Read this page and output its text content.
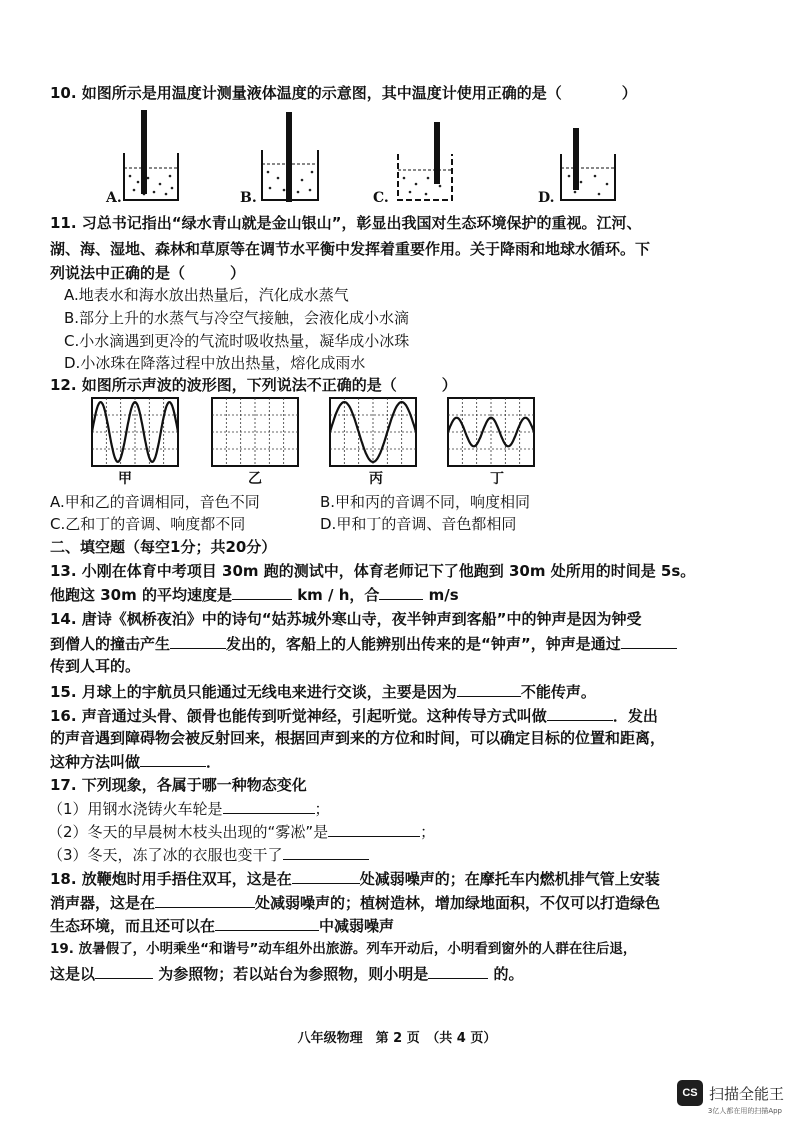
10. 如图所示是用温度计测量液体温度的示意图，其中温度计使用正确的是（　　　　）
A.	B.	C.	D.
11. 习总书记指出“绿水青山就是金山银山”，彰显出我国对生态环境保护的重视。江河、
湖、海、湿地、森林和草原等在调节水平衡中发挥着重要作用。关于降雨和地球水循环。下
列说法中正确的是（　　　）
A.地表水和海水放出热量后，汽化成水蒸气
B.部分上升的水蒸气与冷空气接触，会液化成小水滴
C.小水滴遇到更冷的气流时吸收热量，凝华成小冰珠
D.小冰珠在降落过程中放出热量，熔化成雨水
12. 如图所示声波的波形图，下列说法不正确的是（　　　）
甲	乙	丙	丁
A.甲和乙的音调相同，音色不同	B.甲和丙的音调不同，响度相同
C.乙和丁的音调、响度都不同	D.甲和丁的音调、音色都相同
二、填空题（每空1分；共20分）
13. 小刚在体育中考项目 30m 跑的测试中，体育老师记下了他跑到 30m 处所用的时间是 5s。
他跑这 30m 的平均速度是	km / h，合	m/s
14. 唐诗《枫桥夜泊》中的诗句“姑苏城外寒山寺，夜半钟声到客船”中的钟声是因为钟受
到僧人的撞击产生	发出的，客船上的人能辨别出传来的是“钟声”，钟声是通过
传到人耳的。
15. 月球上的宇航员只能通过无线电来进行交谈，主要是因为	不能传声。
16. 声音通过头骨、颌骨也能传到听觉神经，引起听觉。这种传导方式叫做	．发出
的声音遇到障碍物会被反射回来，根据回声到来的方位和时间，可以确定目标的位置和距离，
这种方法叫做	．
17. 下列现象，各属于哪一种物态变化
（1）用钢水浇铸火车轮是	；
（2）冬天的早晨树木枝头出现的“雾凇”是	；
（3）冬天，冻了冰的衣服也变干了
18. 放鞭炮时用手捂住双耳，这是在	处减弱噪声的；在摩托车内燃机排气管上安装
消声器，这是在	处减弱噪声的；植树造林，增加绿地面积，不仅可以打造绿色
生态环境，而且还可以在	中减弱噪声
19. 放暑假了，小明乘坐“和谐号”动车组外出旅游。列车开动后，小明看到窗外的人群在往后退，
这是以	为参照物；若以站台为参照物，则小明是	的。
八年级物理　第 2 页　（共 4 页）
CS 扫描全能王
3亿人都在用的扫描App
